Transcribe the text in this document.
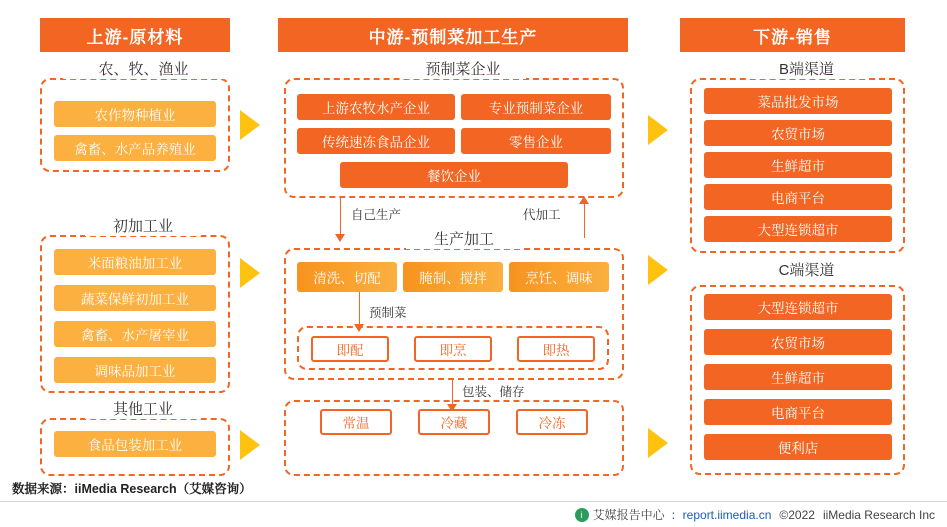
上游-原材料	中游-预制菜加工生产	下游-销售
农、牧、渔业
农作物种植业
禽畜、水产品养殖业
初加工业
米面粮油加工业
蔬菜保鲜初加工业
禽畜、水产屠宰业
调味品加工业
其他工业
食品包装加工业
预制菜企业
上游农牧水产企业	专业预制菜企业
传统速冻食品企业	零售企业
餐饮企业
自己生产	代加工
生产加工
清洗、切配	腌制、搅拌	烹饪、调味
预制菜
即配	即烹	即热
包装、储存
常温	冷藏	冷冻
B端渠道
菜品批发市场
农贸市场
生鲜超市
电商平台
大型连锁超市
C端渠道
大型连锁超市
农贸市场
生鲜超市
电商平台
便利店
数据来源：iiMedia Research（艾媒咨询）
i 艾媒报告中心 ： report.iimedia.cn ©2022 iiMedia Research Inc
